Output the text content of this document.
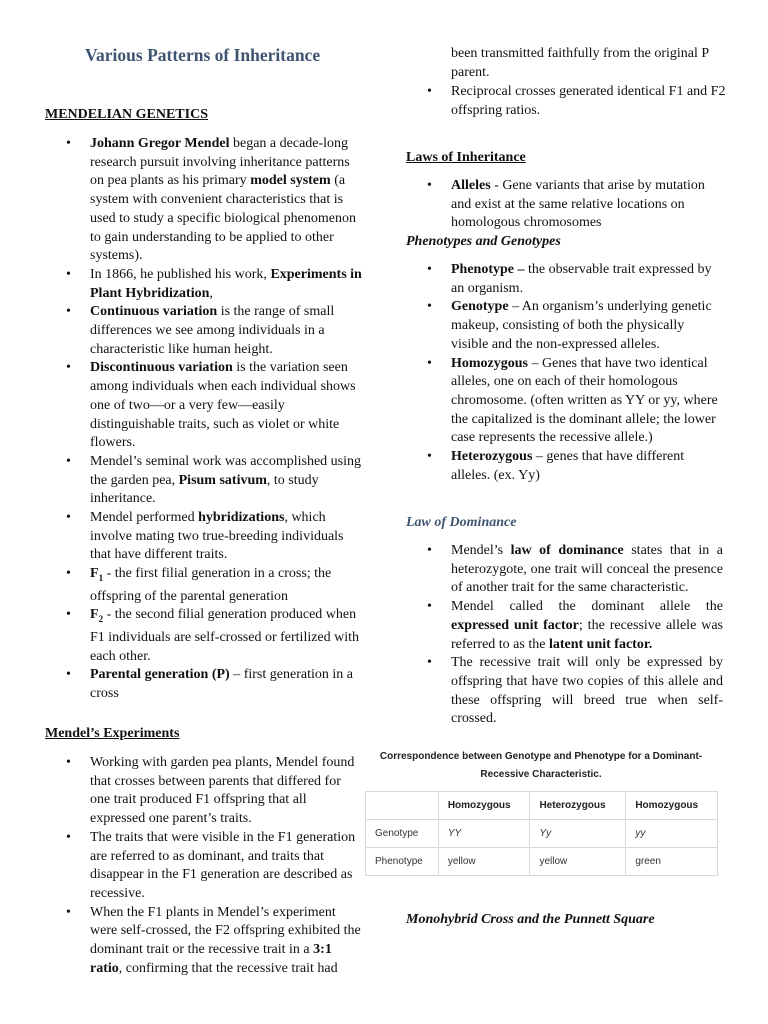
Various Patterns of Inheritance
MENDELIAN GENETICS
• Johann Gregor Mendel began a decade-long research pursuit involving inheritance patterns on pea plants as his primary model system (a system with convenient characteristics that is used to study a specific biological phenomenon to gain understanding to be applied to other systems).
• In 1866, he published his work, Experiments in Plant Hybridization,
• Continuous variation is the range of small differences we see among individuals in a characteristic like human height.
• Discontinuous variation is the variation seen among individuals when each individual shows one of two—or a very few—easily distinguishable traits, such as violet or white flowers.
• Mendel’s seminal work was accomplished using the garden pea, Pisum sativum, to study inheritance.
• Mendel performed hybridizations, which involve mating two true-breeding individuals that have different traits.
• $F_1$ - the first filial generation in a cross; the offspring of the parental generation
• $F_2$ - the second filial generation produced when F1 individuals are self-crossed or fertilized with each other.
• Parental generation (P) – first generation in a cross
Mendel’s Experiments
• Working with garden pea plants, Mendel found that crosses between parents that differed for one trait produced F1 offspring that all expressed one parent’s traits.
• The traits that were visible in the F1 generation are referred to as dominant, and traits that disappear in the F1 generation are described as recessive.
• When the F1 plants in Mendel’s experiment were self-crossed, the F2 offspring exhibited the dominant trait or the recessive trait in a 3:1 ratio, confirming that the recessive trait had

been transmitted faithfully from the original P parent.

• Reciprocal crosses generated identical F1 and F2 offspring ratios.
Laws of Inheritance
• Alleles - Gene variants that arise by mutation and exist at the same relative locations on homologous chromosomes
Phenotypes and Genotypes
• Phenotype – the observable trait expressed by an organism.
• Genotype – An organism’s underlying genetic makeup, consisting of both the physically visible and the non-expressed alleles.
• Homozygous – Genes that have two identical alleles, one on each of their homologous chromosome. (often written as YY or yy, where the capitalized is the dominant allele; the lower case represents the recessive allele.)
• Heterozygous – genes that have different alleles. (ex. Yy)
Law of Dominance
• Mendel’s law of dominance states that in a heterozygote, one trait will conceal the presence of another trait for the same characteristic.
• Mendel called the dominant allele the expressed unit factor; the recessive allele was referred to as the latent unit factor.
• The recessive trait will only be expressed by offspring that have two copies of this allele and these offspring will breed true when self-crossed.
Correspondence between Genotype and Phenotype for a Dominant-Recessive Characteristic.
	Homozygous	Heterozygous	Homozygous
Genotype	YY	Yy	yy
Phenotype	yellow	yellow	green
Monohybrid Cross and the Punnett Square
